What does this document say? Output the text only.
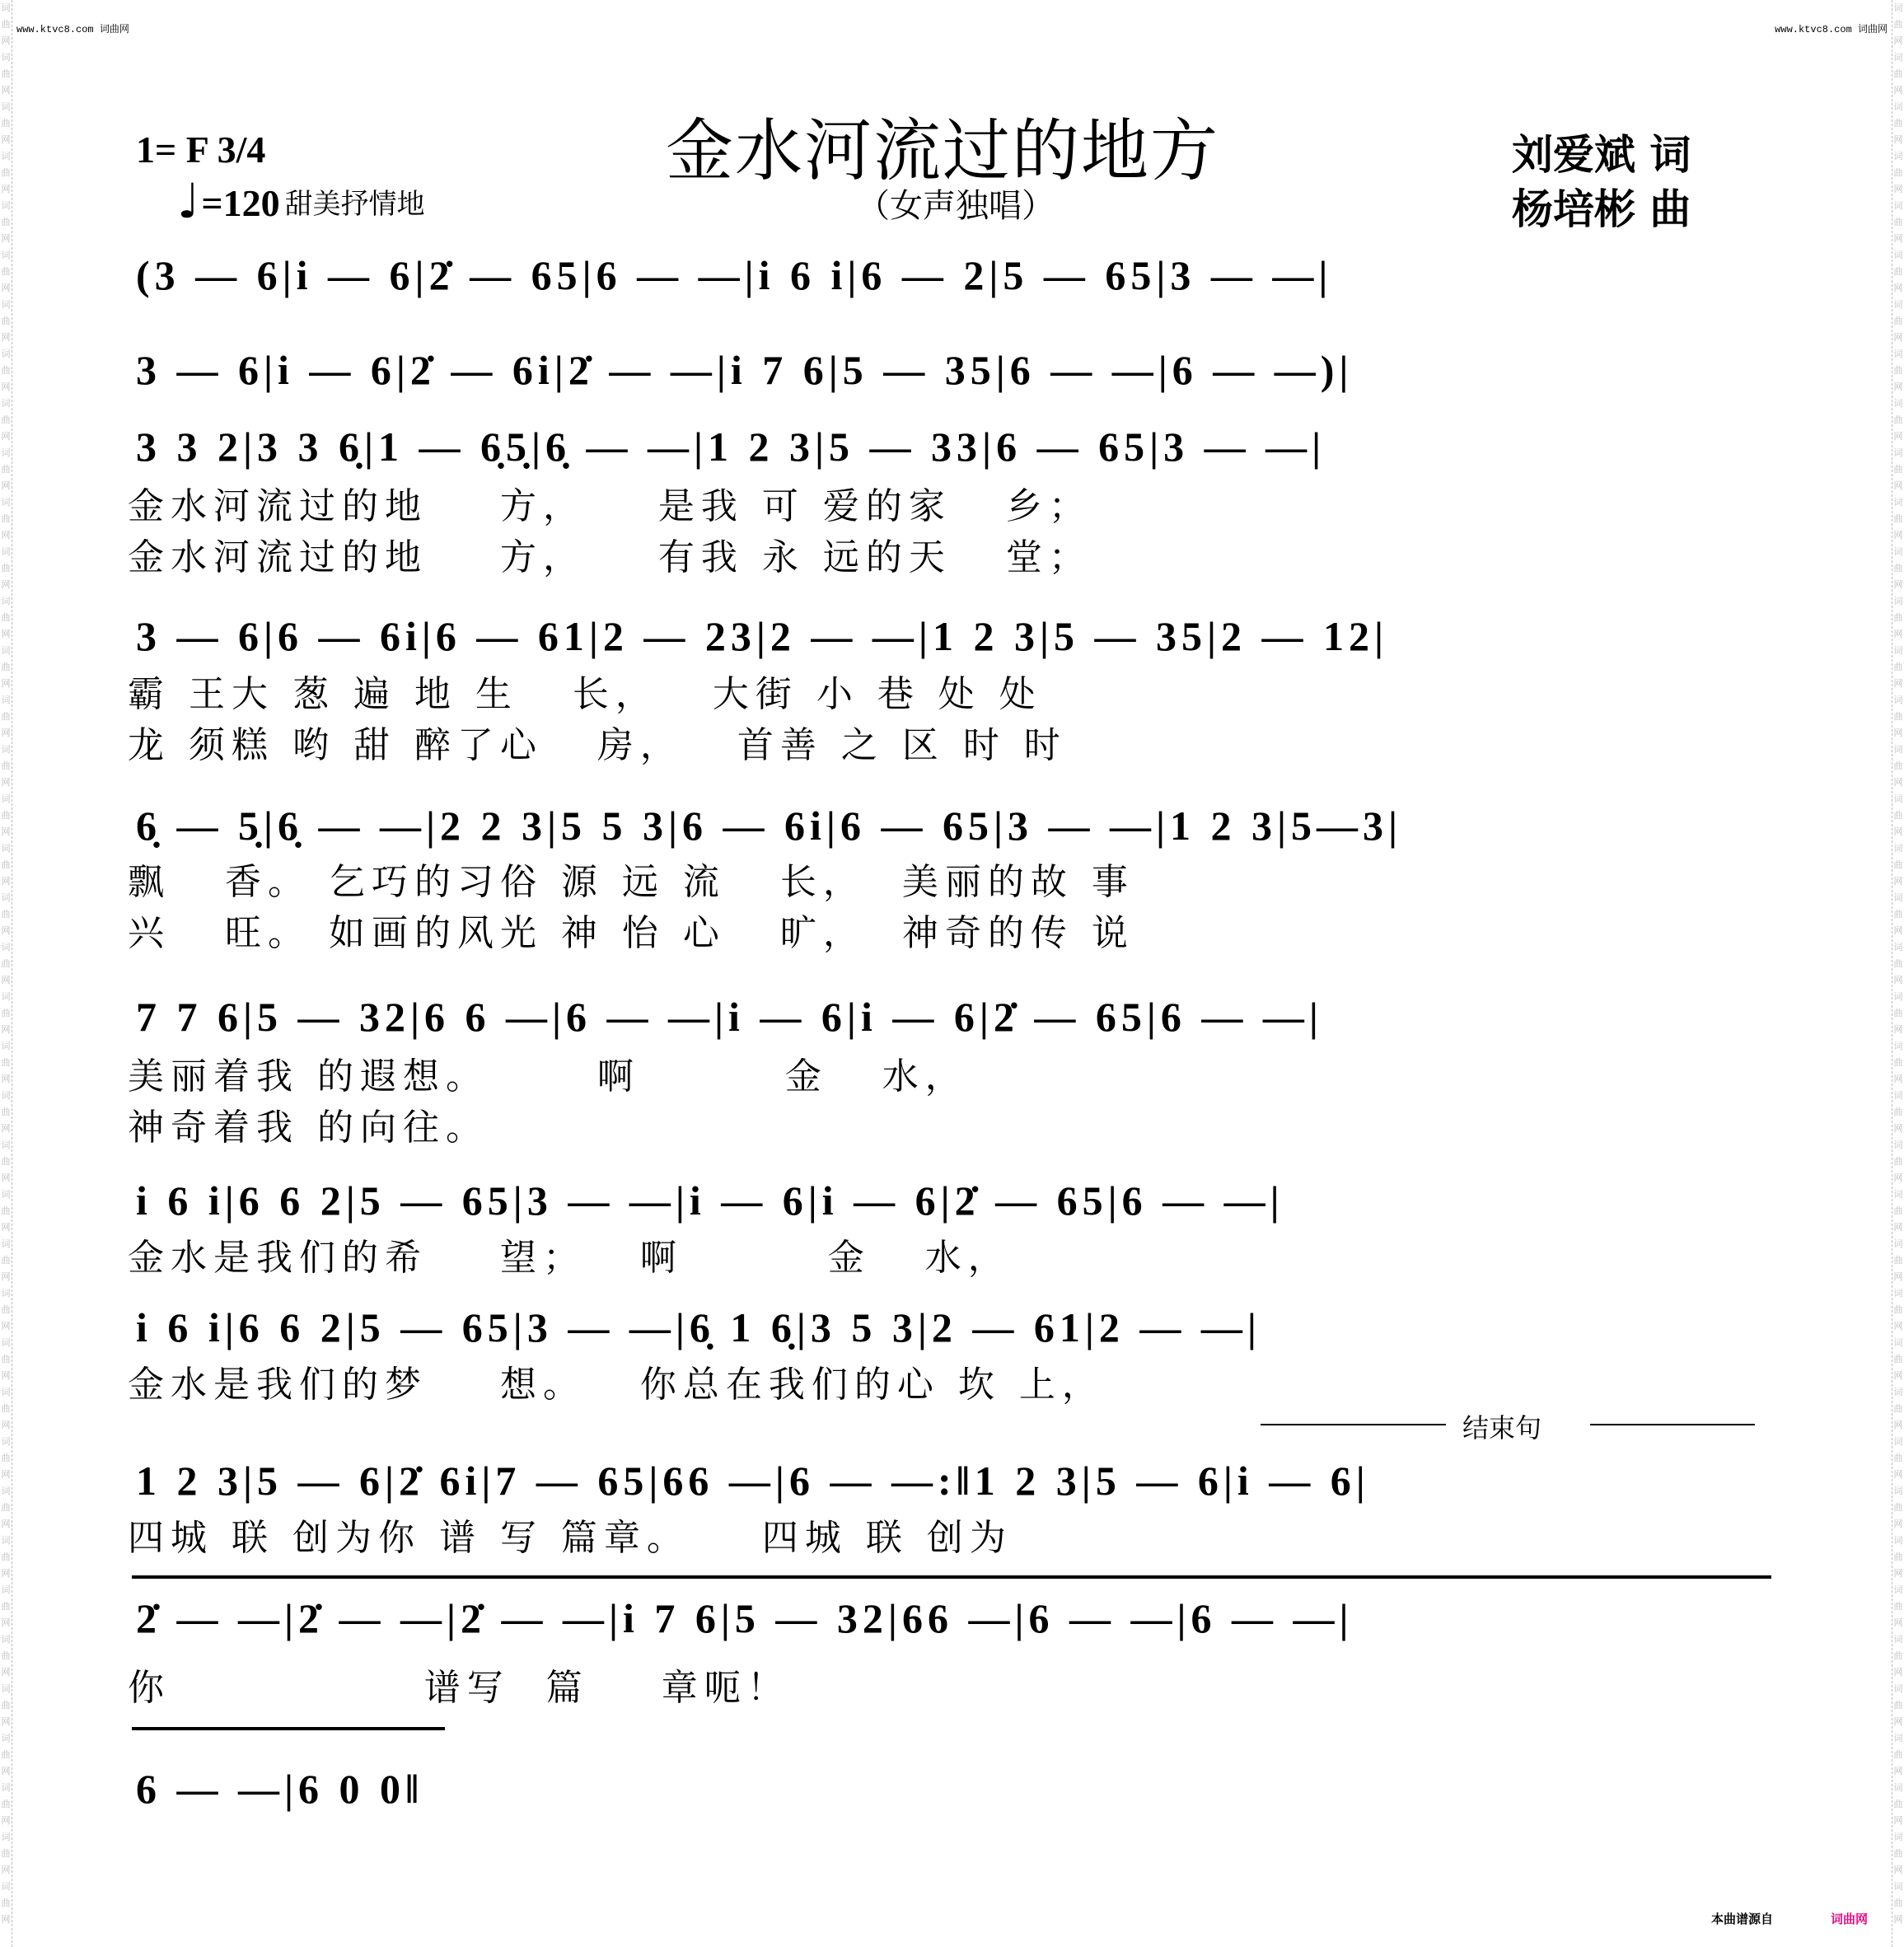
词曲网词曲网词曲网词曲网词曲网词曲网词曲网词曲网词曲网词曲网词曲网词曲网词曲网词曲网词曲网词曲网词曲网词曲网词曲网词曲网词曲网词曲网词曲网词曲网词曲网词曲网词曲网词曲网词曲网词曲网词曲网词曲网词曲网词曲网词曲网词曲网词曲网词曲网词曲网
词曲网词曲网词曲网词曲网词曲网词曲网词曲网词曲网词曲网词曲网词曲网词曲网词曲网词曲网词曲网词曲网词曲网词曲网词曲网词曲网词曲网词曲网词曲网词曲网词曲网词曲网词曲网词曲网词曲网词曲网词曲网词曲网词曲网词曲网词曲网词曲网词曲网词曲网词曲网
www.ktvc8.com 词曲网	www.ktvc8.com 词曲网
1= F 3/4
♩ =120 甜美抒情地
金水河流过的地方
（女声独唱）
刘爱斌 词
杨培彬 曲
(3 — 6|i — 6|2̇ — 65|6 — —|i 6 i|6 — 2|5 — 65|3 — —|
3 — 6|i — 6|2̇ — 6i|2̇ — —|i 7 6|5 — 35|6 — —|6 — —)|
3 3 2|3 3 6̣|1 — 6̣5̣|6̣ — —|1 2 3|5 — 33|6 — 65|3 — —|
金水河流过的地    方，    是我 可 爱的家   乡；
金水河流过的地    方，    有我 永 远的天   堂；
3 — 6|6 — 6i|6 — 61|2 — 23|2 — —|1 2 3|5 — 35|2 — 12|
霸 王大 葱 遍 地 生   长，   大街 小 巷 处 处
龙 须糕 哟 甜 醉了心   房，   首善 之 区 时 时
6̣ — 5̣|6̣ — —|2 2 3|5 5 3|6 — 6i|6 — 65|3 — —|1 2 3|5—3|
飘   香。 乞巧的习俗 源 远 流   长，  美丽的故 事
兴   旺。 如画的风光 神 怡 心   旷，  神奇的传 说
7 7 6|5 — 32|6 6 —|6 — —|i — 6|i — 6|2̇ — 65|6 — —|
美丽着我 的遐想。      啊        金   水，
神奇着我 的向往。
i 6 i|6 6 2|5 — 65|3 — —|i — 6|i — 6|2̇ — 65|6 — —|
金水是我们的希    望；   啊        金   水，
i 6 i|6 6 2|5 — 65|3 — —|6̣ 1 6̣|3 5 3|2 — 61|2 — —|
金水是我们的梦    想。   你总在我们的心 坎 上，
结束句
1 2 3|5 — 6|2̇ 6i|7 — 65|66 —|6 — —:‖1 2 3|5 — 6|i — 6|
四城 联 创为你 谱 写 篇章。    四城 联 创为
2̇ — —|2̇ — —|2̇ — —|i 7 6|5 — 32|66 —|6 — —|6 — —|
你              谱写  篇    章呃！
6 — —|6 0 0‖
本曲谱源自	词曲网
